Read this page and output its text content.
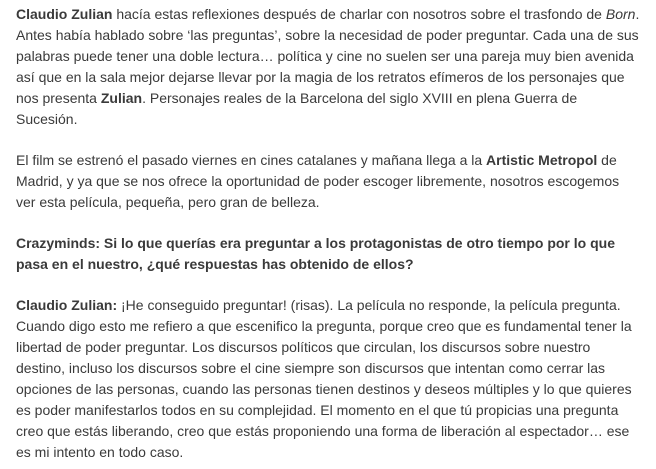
Claudio Zulian hacía estas reflexiones después de charlar con nosotros sobre el trasfondo de Born.
Antes había hablado sobre ‘las preguntas’, sobre la necesidad de poder preguntar. Cada una de sus
palabras puede tener una doble lectura… política y cine no suelen ser una pareja muy bien avenida
así que en la sala mejor dejarse llevar por la magia de los retratos efímeros de los personajes que
nos presenta Zulian. Personajes reales de la Barcelona del siglo XVIII en plena Guerra de
Sucesión.
El film se estrenó el pasado viernes en cines catalanes y mañana llega a la Artistic Metropol de
Madrid, y ya que se nos ofrece la oportunidad de poder escoger libremente, nosotros escogemos
ver esta película, pequeña, pero gran de belleza.
Crazyminds: Si lo que querías era preguntar a los protagonistas de otro tiempo por lo que
pasa en el nuestro, ¿qué respuestas has obtenido de ellos?
Claudio Zulian: ¡He conseguido preguntar! (risas). La película no responde, la película pregunta.
Cuando digo esto me refiero a que escenifico la pregunta, porque creo que es fundamental tener la
libertad de poder preguntar. Los discursos políticos que circulan, los discursos sobre nuestro
destino, incluso los discursos sobre el cine siempre son discursos que intentan como cerrar las
opciones de las personas, cuando las personas tienen destinos y deseos múltiples y lo que quieres
es poder manifestarlos todos en su complejidad. El momento en el que tú propicias una pregunta
creo que estás liberando, creo que estás proponiendo una forma de liberación al espectador… ese
es mi intento en todo caso.
